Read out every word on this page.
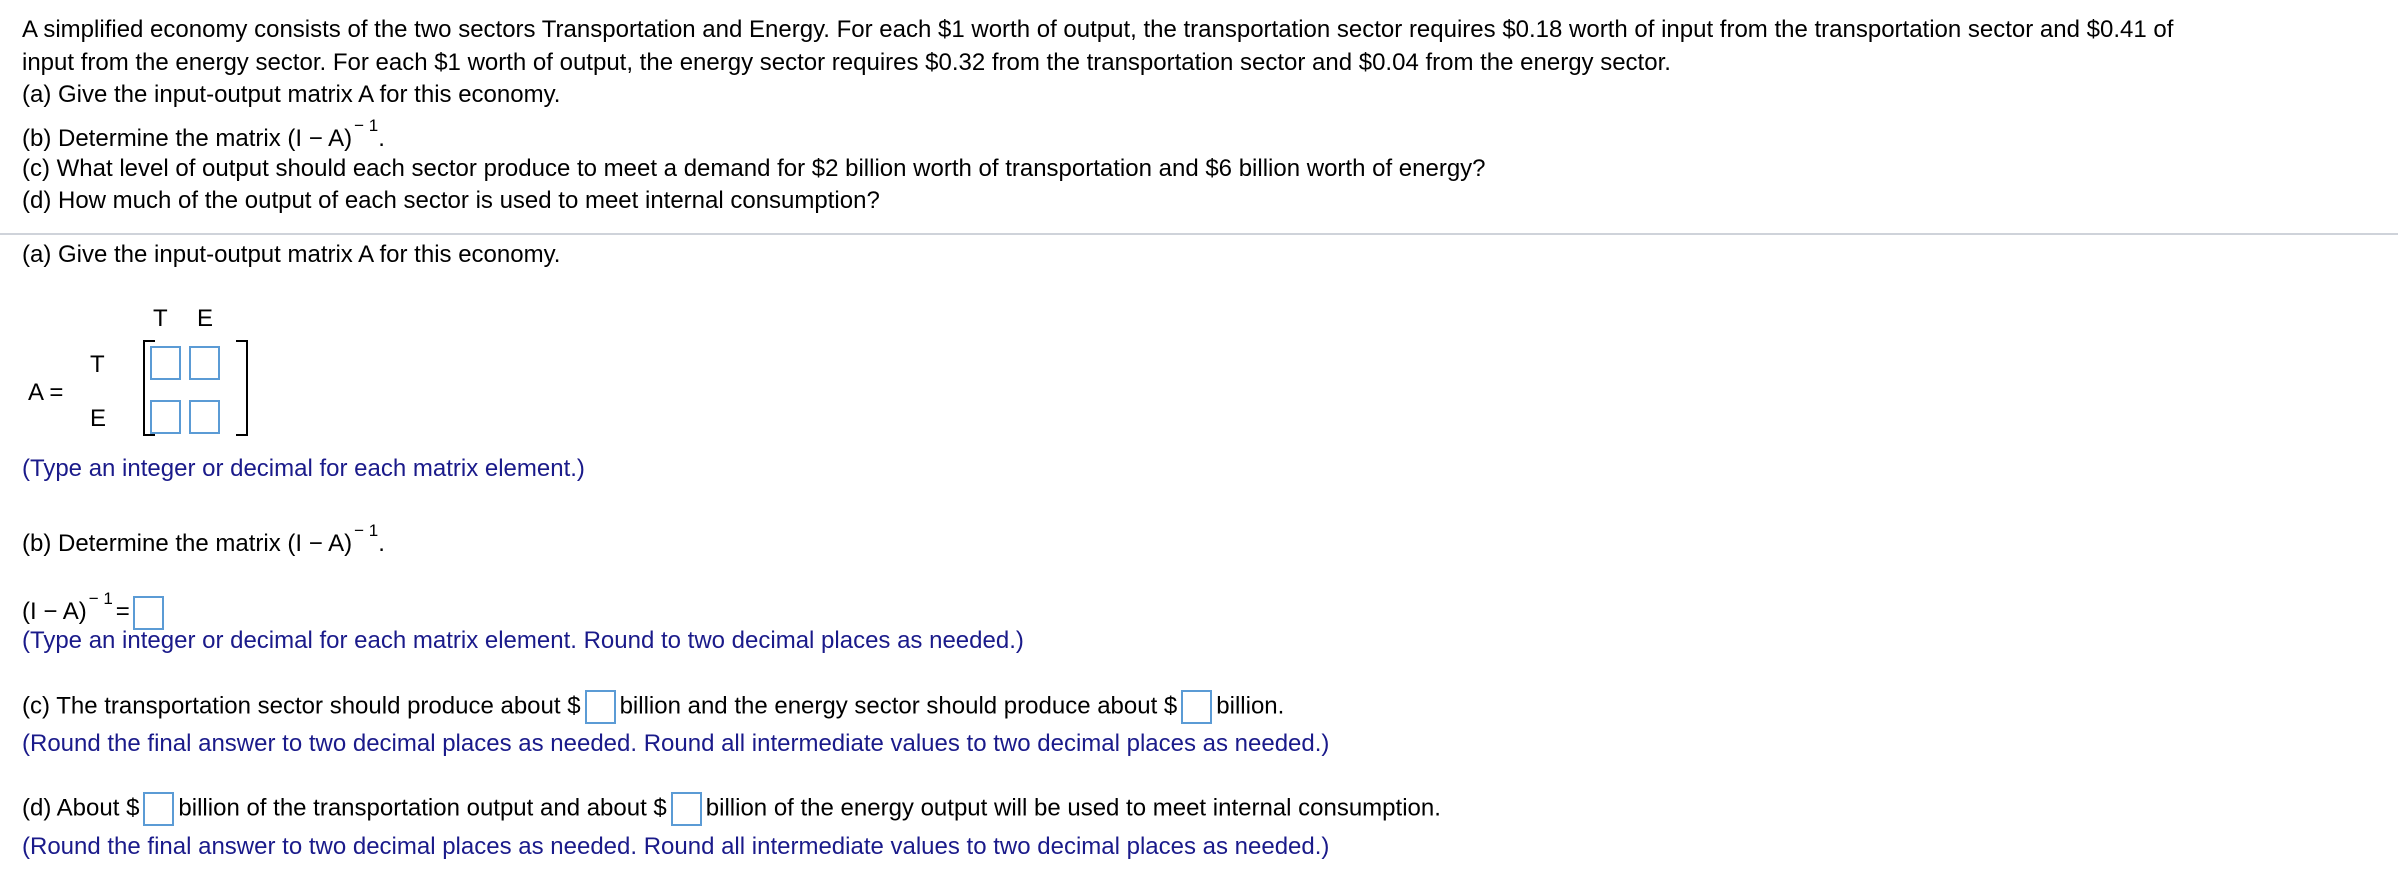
A simplified economy consists of the two sectors Transportation and Energy. For each $1 worth of output, the transportation sector requires $0.18 worth of input from the transportation sector and $0.41 of
input from the energy sector. For each $1 worth of output, the energy sector requires $0.32 from the transportation sector and $0.04 from the energy sector.
(a) Give the input-output matrix A for this economy.
(b) Determine the matrix (I − A) $^{- 1}$.
(c) What level of output should each sector produce to meet a demand for $2 billion worth of transportation and $6 billion worth of energy?
(d) How much of the output of each sector is used to meet internal consumption?
(a) Give the input-output matrix A for this economy.
T E
T
E
A =
(Type an integer or decimal for each matrix element.)
(b) Determine the matrix (I − A) $^{- 1}$.
(I − A) $^{- 1}$ =
(Type an integer or decimal for each matrix element. Round to two decimal places as needed.)
(c) The transportation sector should produce about $ billion and the energy sector should produce about $ billion.
(Round the final answer to two decimal places as needed. Round all intermediate values to two decimal places as needed.)
(d) About $ billion of the transportation output and about $ billion of the energy output will be used to meet internal consumption.
(Round the final answer to two decimal places as needed. Round all intermediate values to two decimal places as needed.)
